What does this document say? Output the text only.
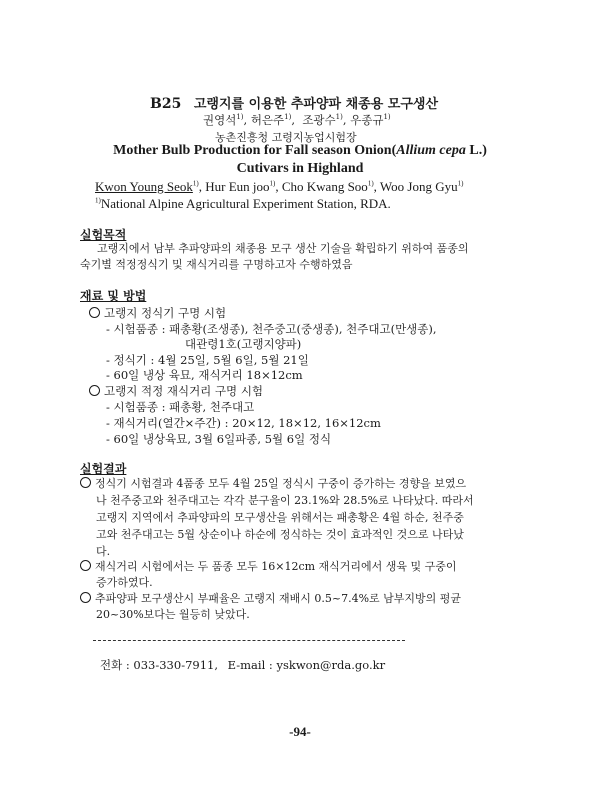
B25 고랭지를 이용한 추파양파 채종용 모구생산
권영석$^{1)}$, 허은주$^{1)}$,  조광수$^{1)}$, 우종규$^{1)}$
농촌진흥청 고령지농업시험장
Mother Bulb Production for Fall season Onion(Allium cepa L.)
Cutivars in Highland
Kwon Young Seok$^{1)}$, Hur Eun joo$^{1)}$, Cho Kwang Soo$^{1)}$, Woo Jong Gyu$^{1)}$
$^{1)}$National Alpine Agricultural Experiment Station, RDA.
실험목적
고랭지에서 남부 추파양파의 채종용 모구 생산 기술을 확립하기 위하여 품종의
숙기별 적정정식기 및 재식거리를 구명하고자 수행하였음
재료 및 방법
고랭지 정식기 구명 시험
- 시험품종 : 패총황(조생종), 천주중고(중생종), 천주대고(만생종),
대관령1호(고랭지양파)
- 정식기 : 4월 25일, 5월 6일, 5월 21일
- 60일 냉상 육묘, 재식거리 18×12cm
고랭지 적정 재식거리 구명 시험
- 시험품종 : 패총황, 천주대고
- 재식거리(열간×주간) : 20×12, 18×12, 16×12cm
- 60일 냉상육묘, 3월 6일파종, 5월 6일 정식
실험결과
정식기 시험결과 4품종 모두 4월 25일 정식시 구중이 증가하는 경향을 보였으
나 천주중고와 천주대고는 각각 분구율이 23.1%와 28.5%로 나타났다. 따라서
고랭지 지역에서 추파양파의 모구생산을 위해서는 패총황은 4월 하순, 천주중
고와 천주대고는 5월 상순이나 하순에 정식하는 것이 효과적인 것으로 나타났
다.
재식거리 시험에서는 두 품종 모두 16×12cm 재식거리에서 생육 및 구중이
증가하였다.
추파양파 모구생산시 부패율은 고랭지 재배시 0.5~7.4%로 남부지방의 평균
20~30%보다는 월등히 낮았다.
전화 : 033-330-7911, E-mail : yskwon@rda.go.kr
-94-
